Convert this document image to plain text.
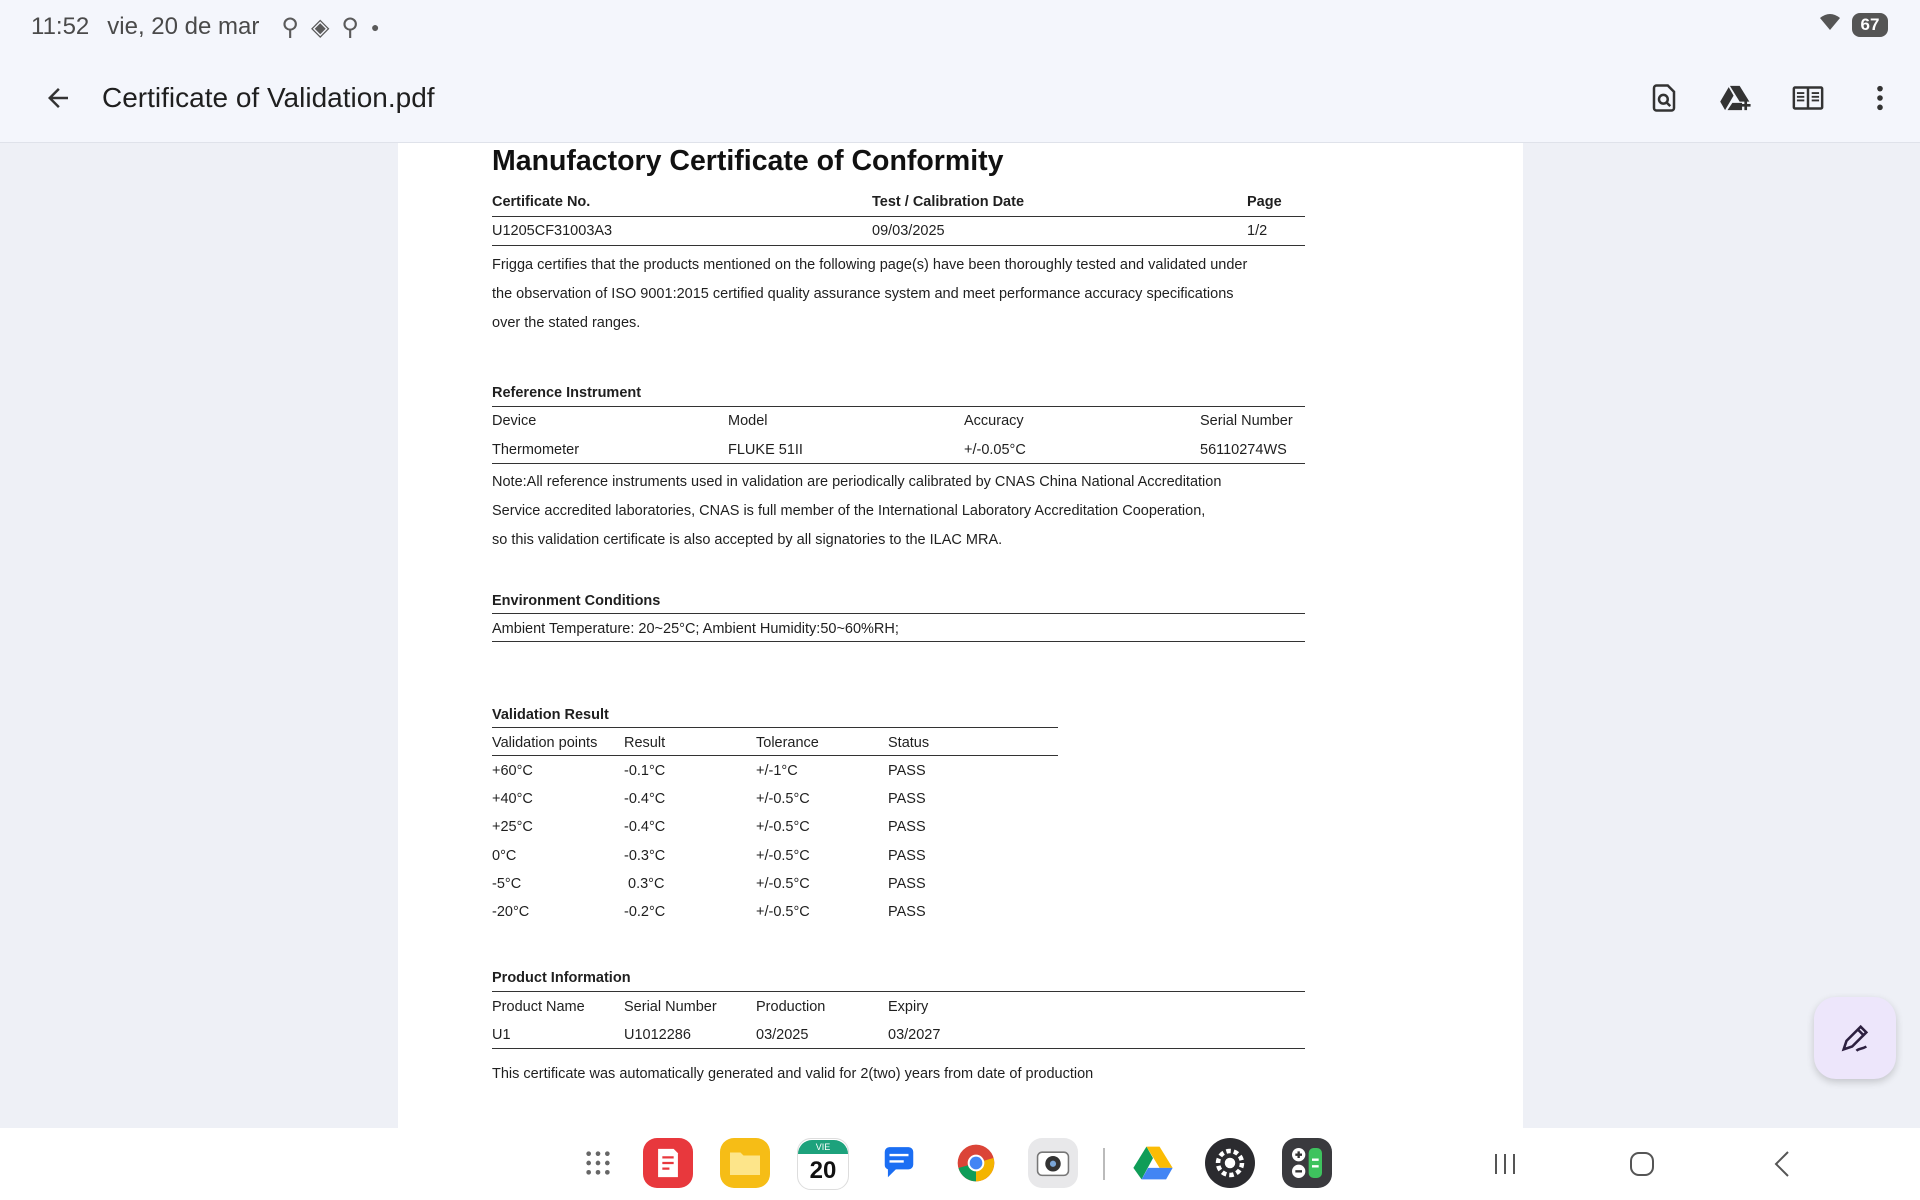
11:52 vie, 20 de mar ⚲ ◈ ⚲ ●	67
Certificate of Validation.pdf
Manufactory Certificate of Conformity
Certificate No.	Test / Calibration Date	Page
U1205CF31003A3	09/03/2025	1/2
Frigga certifies that the products mentioned on the following page(s) have been thoroughly tested and validated under
the observation of ISO 9001:2015 certified quality assurance system and meet performance accuracy specifications
over the stated ranges.
Reference Instrument
Device	Model	Accuracy	Serial Number
Thermometer	FLUKE 51II	+/-0.05°C	56110274WS
Note:All reference instruments used in validation are periodically calibrated by CNAS China National Accreditation
Service accredited laboratories, CNAS is full member of the International Laboratory Accreditation Cooperation,
so this validation certificate is also accepted by all signatories to the ILAC MRA.
Environment Conditions
Ambient Temperature: 20~25°C; Ambient Humidity:50~60%RH;
Validation Result
Validation points Result	Tolerance	Status
+60°C	-0.1°C	+/-1°C	PASS
+40°C	-0.4°C	+/-0.5°C	PASS
+25°C	-0.4°C	+/-0.5°C	PASS
0°C	-0.3°C	+/-0.5°C	PASS
-5°C	0.3°C	+/-0.5°C	PASS
-20°C	-0.2°C	+/-0.5°C	PASS
Product Information
Product Name	Serial Number	Production	Expiry
U1	U1012286	03/2025	03/2027
This certificate was automatically generated and valid for 2(two) years from date of production
VIE
20
